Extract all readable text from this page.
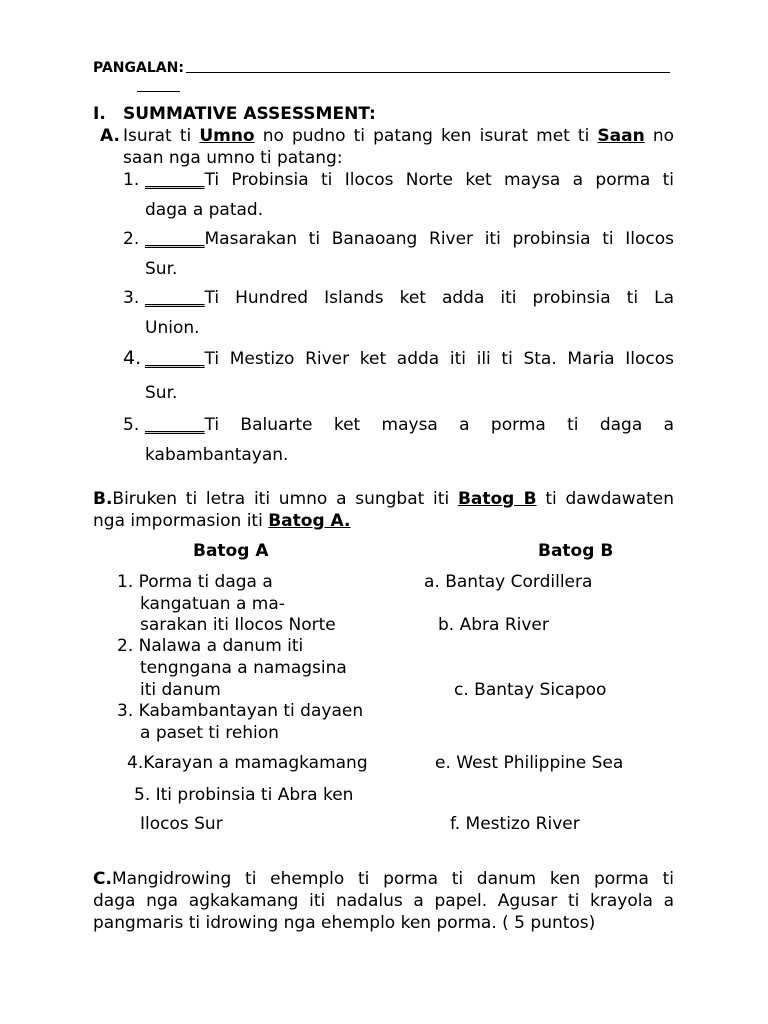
PANGALAN:
I. SUMMATIVE ASSESSMENT:
A. Isurat ti Umno no pudno ti patang ken isurat met ti Saan no
saan nga umno ti patang:
1. _______Ti Probinsia ti Ilocos Norte ket maysa a porma ti
daga a patad.
2. _______Masarakan ti Banaoang River iti probinsia ti Ilocos
Sur.
3. _______Ti Hundred Islands ket adda iti probinsia ti La
Union.
4. _______Ti Mestizo River ket adda iti ili ti Sta. Maria Ilocos
Sur.
5. _______Ti Baluarte ket maysa a porma ti daga a
kabambantayan.
B.Biruken ti letra iti umno a sungbat iti Batog B ti dawdawaten
nga impormasion iti Batog A.
Batog A	Batog B
1. Porma ti daga a
kangatuan a ma-
sarakan iti Ilocos Norte
2. Nalawa a danum iti
tengngana a namagsina
iti danum
3. Kabambantayan ti dayaen
a paset ti rehion
4.Karayan a mamagkamang
5. Iti probinsia ti Abra ken
Ilocos Sur
a. Bantay Cordillera
b. Abra River
c. Bantay Sicapoo
e. West Philippine Sea
f. Mestizo River
C.Mangidrowing ti ehemplo ti porma ti danum ken porma ti
daga nga agkakamang iti nadalus a papel. Agusar ti krayola a
pangmaris ti idrowing nga ehemplo ken porma. ( 5 puntos)
